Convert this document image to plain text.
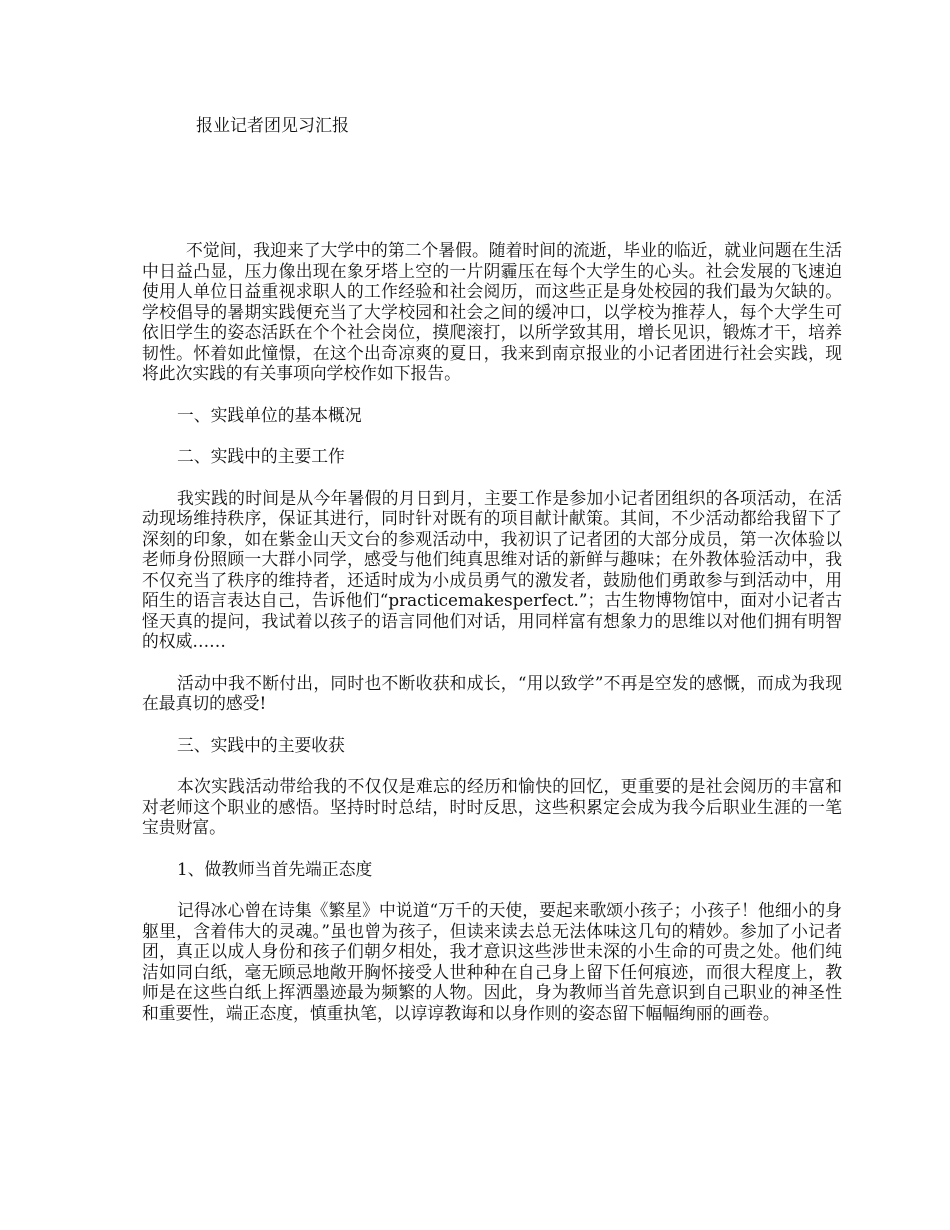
报业记者团见习汇报

不觉间，我迎来了大学中的第二个暑假。随着时间的流逝，毕业的临近，就业问题在生活中日益凸显，压力像出现在象牙塔上空的一片阴霾压在每个大学生的心头。社会发展的飞速迫使用人单位日益重视求职人的工作经验和社会阅历，而这些正是身处校园的我们最为欠缺的。学校倡导的暑期实践便充当了大学校园和社会之间的缓冲口，以学校为推荐人，每个大学生可依旧学生的姿态活跃在个个社会岗位，摸爬滚打，以所学致其用，增长见识，锻炼才干，培养韧性。怀着如此憧憬，在这个出奇凉爽的夏日，我来到南京报业的小记者团进行社会实践，现将此次实践的有关事项向学校作如下报告。

一、实践单位的基本概况

二、实践中的主要工作

我实践的时间是从今年暑假的月日到月，主要工作是参加小记者团组织的各项活动，在活动现场维持秩序，保证其进行，同时针对既有的项目献计献策。其间，不少活动都给我留下了深刻的印象，如在紫金山天文台的参观活动中，我初识了记者团的大部分成员，第一次体验以老师身份照顾一大群小同学，感受与他们纯真思维对话的新鲜与趣味；在外教体验活动中，我不仅充当了秩序的维持者，还适时成为小成员勇气的激发者，鼓励他们勇敢参与到活动中，用陌生的语言表达自己，告诉他们“practicemakesperfect.”；古生物博物馆中，面对小记者古怪天真的提问，我试着以孩子的语言同他们对话，用同样富有想象力的思维以对他们拥有明智的权威……

活动中我不断付出，同时也不断收获和成长，“用以致学”不再是空发的感慨，而成为我现在最真切的感受!

三、实践中的主要收获

本次实践活动带给我的不仅仅是难忘的经历和愉快的回忆，更重要的是社会阅历的丰富和对老师这个职业的感悟。坚持时时总结，时时反思，这些积累定会成为我今后职业生涯的一笔宝贵财富。

1、做教师当首先端正态度

记得冰心曾在诗集《繁星》中说道“万千的天使，要起来歌颂小孩子；小孩子！他细小的身躯里，含着伟大的灵魂。”虽也曾为孩子，但读来读去总无法体味这几句的精妙。参加了小记者团，真正以成人身份和孩子们朝夕相处，我才意识这些涉世未深的小生命的可贵之处。他们纯洁如同白纸，毫无顾忌地敞开胸怀接受人世种种在自己身上留下任何痕迹，而很大程度上，教师是在这些白纸上挥洒墨迹最为频繁的人物。因此，身为教师当首先意识到自己职业的神圣性和重要性，端正态度，慎重执笔，以谆谆教诲和以身作则的姿态留下幅幅绚丽的画卷。
